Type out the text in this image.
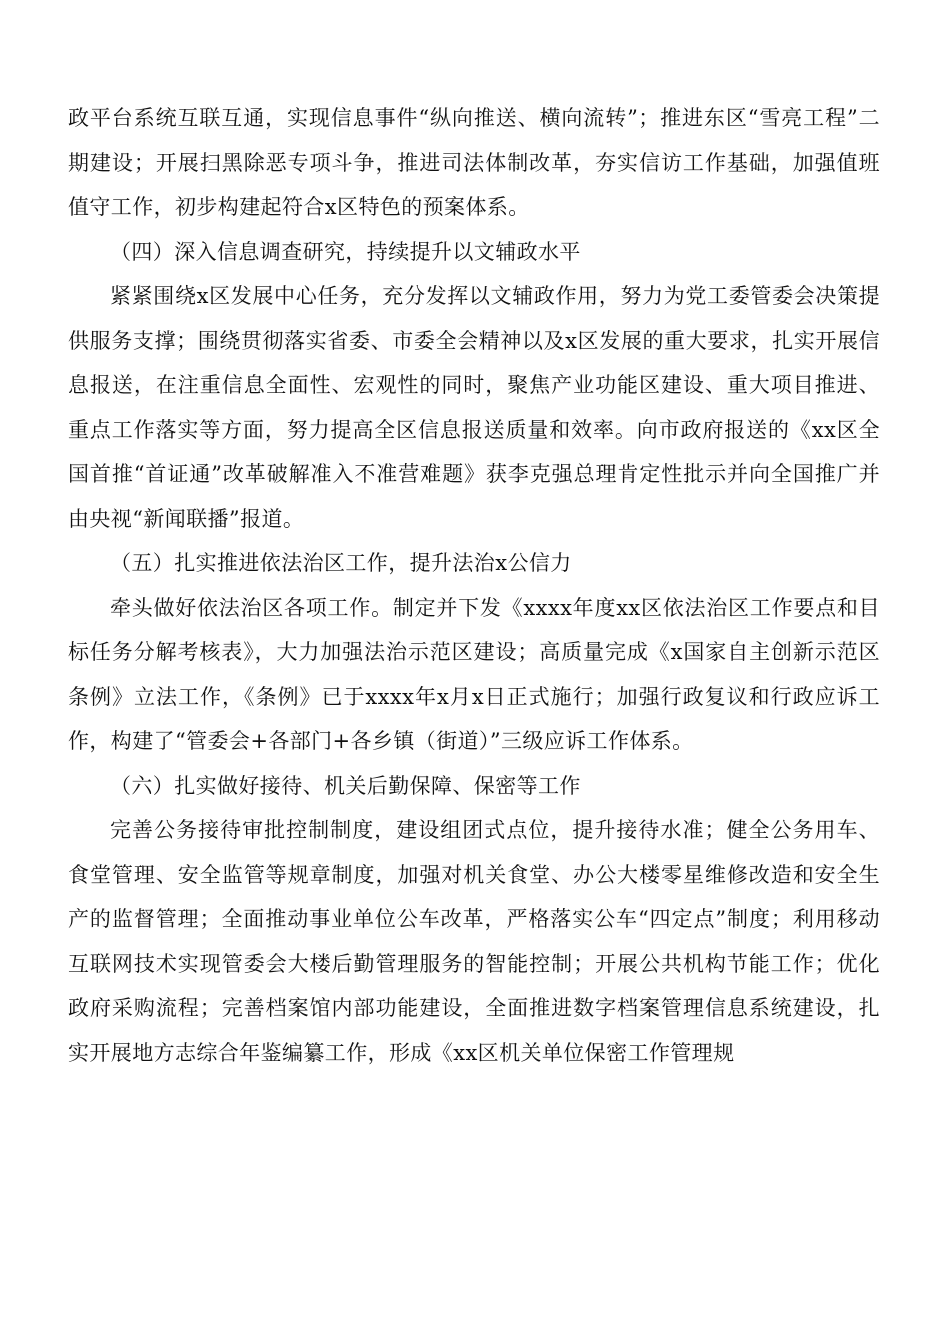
政平台系统互联互通，实现信息事件“纵向推送、横向流转”；推进东区“雪亮工程”二期建设；开展扫黑除恶专项斗争，推进司法体制改革，夯实信访工作基础，加强值班值守工作，初步构建起符合x区特色的预案体系。

（四）深入信息调查研究，持续提升以文辅政水平

紧紧围绕x区发展中心任务，充分发挥以文辅政作用，努力为党工委管委会决策提供服务支撑；围绕贯彻落实省委、市委全会精神以及x区发展的重大要求，扎实开展信息报送，在注重信息全面性、宏观性的同时，聚焦产业功能区建设、重大项目推进、重点工作落实等方面，努力提高全区信息报送质量和效率。向市政府报送的《xx区全国首推“首证通”改革破解准入不准营难题》获李克强总理肯定性批示并向全国推广并由央视“新闻联播”报道。

（五）扎实推进依法治区工作，提升法治x公信力

牵头做好依法治区各项工作。制定并下发《xxxx年度xx区依法治区工作要点和目标任务分解考核表》，大力加强法治示范区建设；高质量完成《x国家自主创新示范区条例》立法工作，《条例》已于xxxx年x月x日正式施行；加强行政复议和行政应诉工作，构建了“管委会+各部门+各乡镇（街道）”三级应诉工作体系。

（六）扎实做好接待、机关后勤保障、保密等工作

完善公务接待审批控制制度，建设组团式点位，提升接待水准；健全公务用车、食堂管理、安全监管等规章制度，加强对机关食堂、办公大楼零星维修改造和安全生产的监督管理；全面推动事业单位公车改革，严格落实公车“四定点”制度；利用移动互联网技术实现管委会大楼后勤管理服务的智能控制；开展公共机构节能工作；优化政府采购流程；完善档案馆内部功能建设，全面推进数字档案管理信息系统建设，扎实开展地方志综合年鉴编纂工作，形成《xx区机关单位保密工作管理规
